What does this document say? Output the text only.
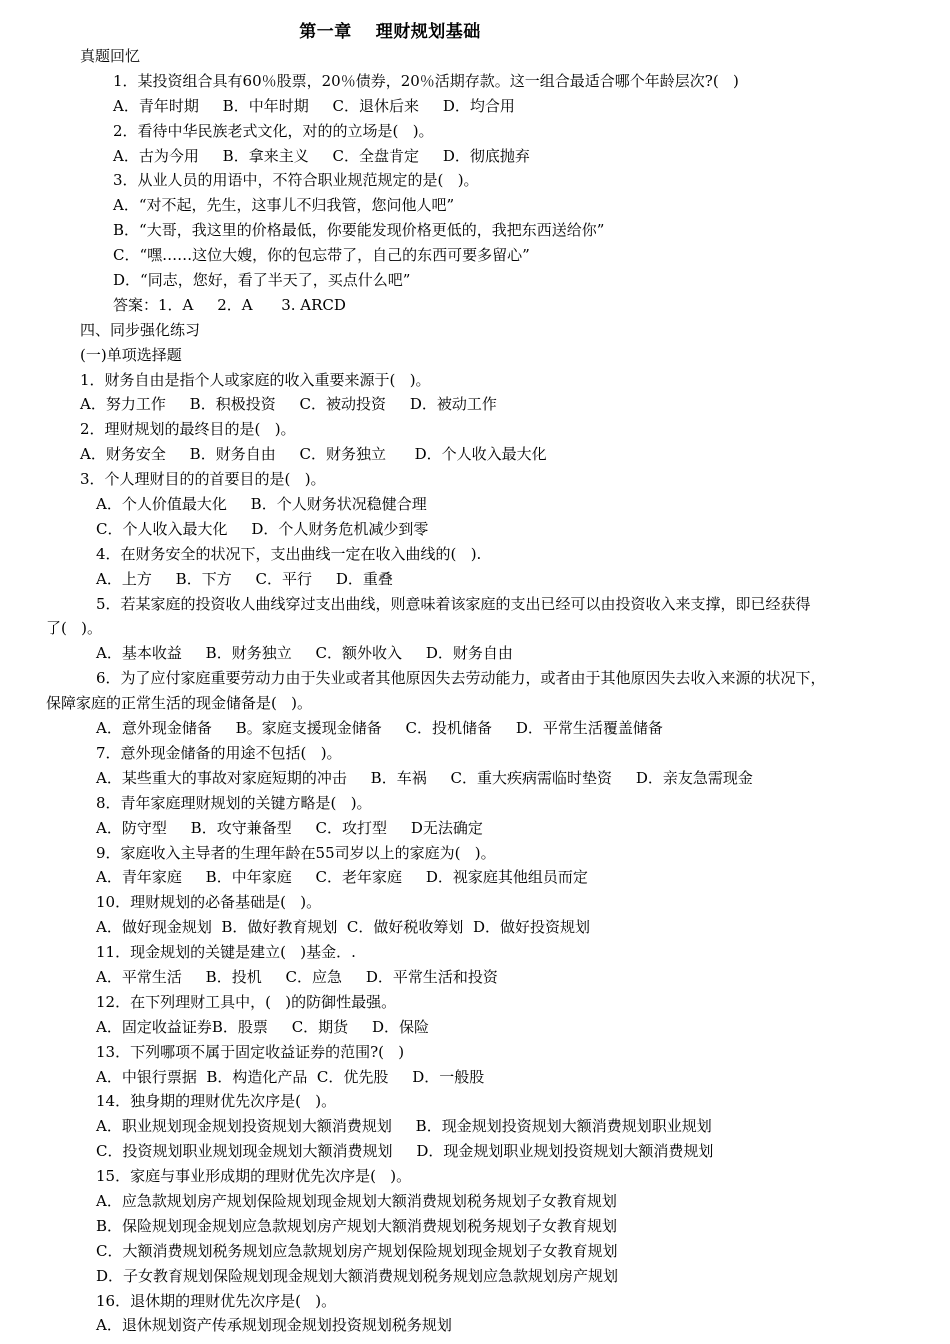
第一章　 理财规划基础
真题回忆
1．某投资组合具有60％股票，20％债券，20％活期存款。这一组合最适合哪个年龄层次?(   )
A．青年时期     B．中年时期     C．退休后来     D．均合用
2．看待中华民族老式文化，对的的立场是(   )。
A．古为今用     B．拿来主义     C．全盘肯定     D．彻底抛弃
3．从业人员的用语中，不符合职业规范规定的是(   )。
A．“对不起，先生，这事儿不归我管，您问他人吧”
B．“大哥，我这里的价格最低，你要能发现价格更低的，我把东西送给你”
C．“嘿……这位大嫂，你的包忘带了，自己的东西可要多留心”
D．“同志，您好，看了半天了，买点什么吧”
答案：1．A     2．A      3. ARCD
四、同步强化练习
(一)单项选择题
1．财务自由是指个人或家庭的收入重要来源于(   )。
A．努力工作     B．积极投资     C．被动投资     D．被动工作
2．理财规划的最终目的是(   )。
A．财务安全     B．财务自由     C．财务独立      D．个人收入最大化
3．个人理财目的的首要目的是(   )。
A．个人价值最大化     B．个人财务状况稳健合理
C．个人收入最大化     D．个人财务危机减少到零
4．在财务安全的状况下，支出曲线一定在收入曲线的(   ).
A．上方     B．下方     C．平行     D．重叠
5．若某家庭的投资收人曲线穿过支出曲线，则意味着该家庭的支出已经可以由投资收入来支撑，即已经获得
了(   )。
A．基本收益     B．财务独立     C．额外收入     D．财务自由
6．为了应付家庭重要劳动力由于失业或者其他原因失去劳动能力，或者由于其他原因失去收入来源的状况下，
保障家庭的正常生活的现金储备是(   )。
A．意外现金储备     B。家庭支援现金储备     C．投机储备     D．平常生活覆盖储备
7．意外现金储备的用途不包括(   )。
A．某些重大的事故对家庭短期的冲击     B．车祸     C．重大疾病需临时垫资     D．亲友急需现金
8．青年家庭理财规划的关键方略是(   )。
A．防守型     B．攻守兼备型     C．攻打型     D无法确定
9．家庭收入主导者的生理年龄在55司岁以上的家庭为(   )。
A．青年家庭     B．中年家庭     C．老年家庭     D．视家庭其他组员而定
10．理财规划的必备基础是(   )。
A．做好现金规划  B．做好教育规划  C．做好税收筹划  D．做好投资规划
11．现金规划的关键是建立(   )基金．.
A．平常生活     B．投机     C．应急     D．平常生活和投资
12．在下列理财工具中，(   )的防御性最强。
A．固定收益证券B．股票     C．期货     D．保险
13．下列哪项不属于固定收益证券的范围?(   )
A．中银行票据  B．构造化产品  C．优先股     D．一般股
14．独身期的理财优先次序是(   )。
A．职业规划现金规划投资规划大额消费规划     B．现金规划投资规划大额消费规划职业规划
C．投资规划职业规划现金规划大额消费规划     D．现金规划职业规划投资规划大额消费规划
15．家庭与事业形成期的理财优先次序是(   )。
A．应急款规划房产规划保险规划现金规划大额消费规划税务规划子女教育规划
B．保险规划现金规划应急款规划房产规划大额消费规划税务规划子女教育规划
C．大额消费规划税务规划应急款规划房产规划保险规划现金规划子女教育规划
D．子女教育规划保险规划现金规划大额消费规划税务规划应急款规划房产规划
16．退休期的理财优先次序是(   )。
A．退休规划资产传承规划现金规划投资规划税务规划
